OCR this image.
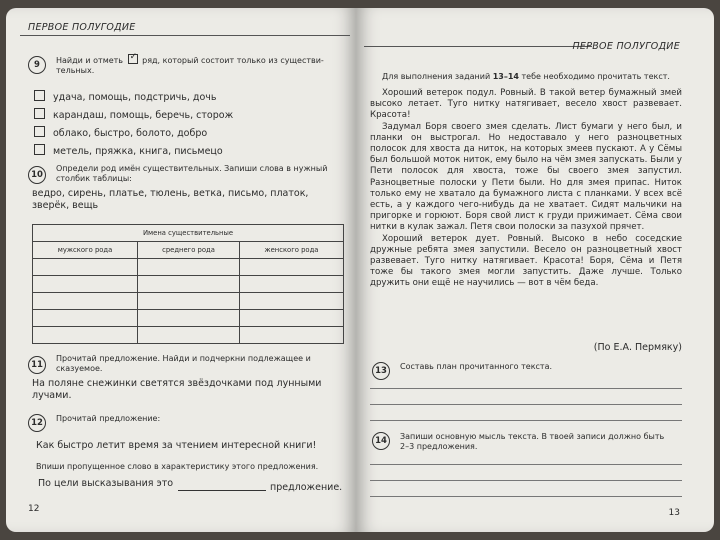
ПЕРВОЕ ПОЛУГОДИЕ
9	Найди и отметь ✓ ряд, который состоит только из существи-
тельных.
удача, помощь, подстричь, дочь
карандаш, помощь, беречь, сторож
облако, быстро, болото, добро
метель, пряжка, книга, письмецо
10
Определи род имён существительных. Запиши слова в нужный
столбик таблицы:
ведро, сирень, платье, тюлень, ветка, письмо, платок,
зверёк, вещь
Имена существительные		
мужского рода	среднего рода	женского рода

11
Прочитай предложение. Найди и подчеркни подлежащее и
сказуемое.
На поляне снежинки светятся звёздочками под лунными
лучами.
12	Прочитай предложение:
Как быстро летит время за чтением интересной книги!
Впиши пропущенное слово в характеристику этого предложения.
По цели высказывания это	предложение.
12
ПЕРВОЕ ПОЛУГОДИЕ
Для выполнения заданий 13–14 тебе необходимо прочитать текст.

Хороший ветерок подул. Ровный. В такой ветер бумажный змей высоко летает. Туго нитку натягивает, весело хвост развевает. Красота!

Задумал Боря своего змея сделать. Лист бумаги у него был, и планки он выстрогал. Но недоставало у него разноцветных полосок для хвоста да ниток, на которых змеев пускают. А у Сёмы был большой моток ниток, ему было на чём змея запускать. Были у Пети полосок для хвоста, тоже бы своего змея запустил. Разноцветные полоски у Пети были. Но для змея припас. Ниток только ему не хватало да бумажного листа с планками. У всех всё есть, а у каждого чего-нибудь да не хватает. Сидят мальчики на пригорке и горюют. Боря свой лист к груди прижимает. Сёма свои нитки в кулак зажал. Петя свои полоски за пазухой прячет.

Хороший ветерок дует. Ровный. Высоко в небо соседские дружные ребята змея запустили. Весело он разноцветный хвост развевает. Туго нитку натягивает. Красота! Боря, Сёма и Петя тоже бы такого змея могли запустить. Даже лучше. Только дружить они ещё не научились — вот в чём беда.

(По Е.А. Пермяку)
13	Составь план прочитанного текста.
14	Запиши основную мысль текста. В твоей записи должно быть
2–3 предложения.
13
